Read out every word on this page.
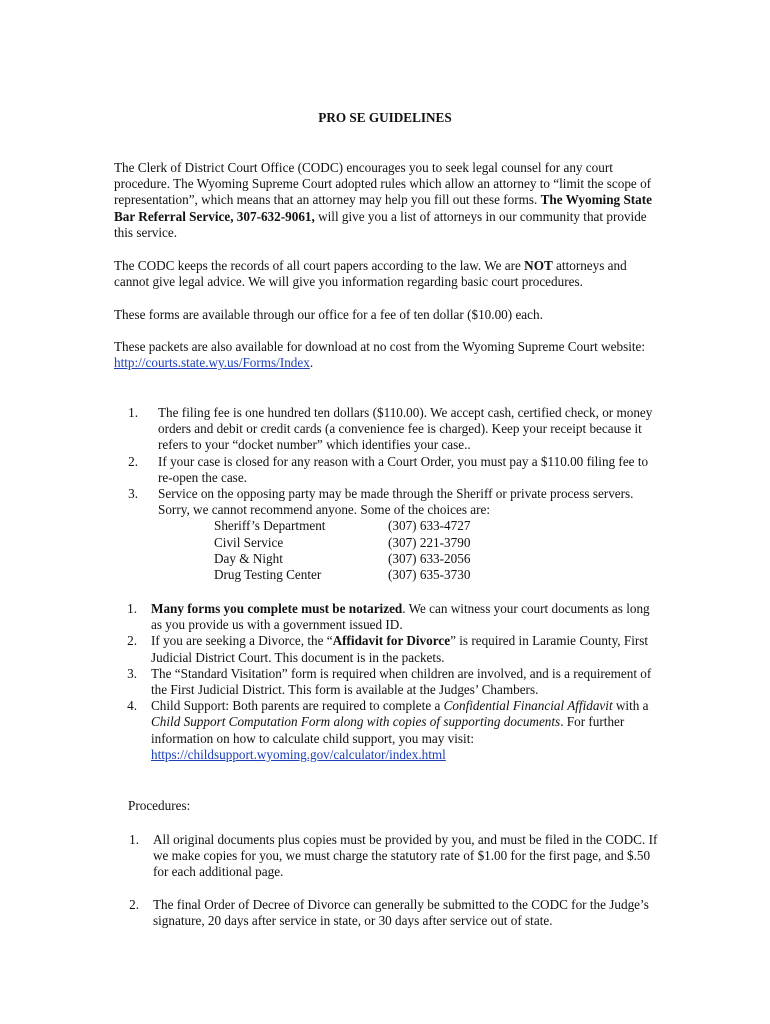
PRO SE GUIDELINES

The Clerk of District Court Office (CODC) encourages you to seek legal counsel for any court procedure. The Wyoming Supreme Court adopted rules which allow an attorney to “limit the scope of representation”, which means that an attorney may help you fill out these forms. The Wyoming State Bar Referral Service, 307-632-9061, will give you a list of attorneys in our community that provide this service.

The CODC keeps the records of all court papers according to the law. We are NOT attorneys and cannot give legal advice. We will give you information regarding basic court procedures.

These forms are available through our office for a fee of ten dollar ($10.00) each.

These packets are also available for download at no cost from the Wyoming Supreme Court website: http://courts.state.wy.us/Forms/Index.

1. The filing fee is one hundred ten dollars ($110.00). We accept cash, certified check, or money orders and debit or credit cards (a convenience fee is charged). Keep your receipt because it refers to your “docket number” which identifies your case..
2. If your case is closed for any reason with a Court Order, you must pay a $110.00 filing fee to re-open the case.
3. Service on the opposing party may be made through the Sheriff or private process servers. Sorry, we cannot recommend anyone. Some of the choices are:
Sheriff’s Department	(307) 633-4727
Civil Service	(307) 221-3790
Day & Night	(307) 633-2056
Drug Testing Center	(307) 635-3730
1. Many forms you complete must be notarized. We can witness your court documents as long as you provide us with a government issued ID.
2. If you are seeking a Divorce, the “Affidavit for Divorce” is required in Laramie County, First Judicial District Court. This document is in the packets.
3. The “Standard Visitation” form is required when children are involved, and is a requirement of the First Judicial District. This form is available at the Judges’ Chambers.
4. Child Support: Both parents are required to complete a Confidential Financial Affidavit with a Child Support Computation Form along with copies of supporting documents. For further information on how to calculate child support, you may visit:
https://childsupport.wyoming.gov/calculator/index.html
Procedures:
1. All original documents plus copies must be provided by you, and must be filed in the CODC. If we make copies for you, we must charge the statutory rate of $1.00 for the first page, and $.50 for each additional page.
2. The final Order of Decree of Divorce can generally be submitted to the CODC for the Judge’s signature, 20 days after service in state, or 30 days after service out of state.
